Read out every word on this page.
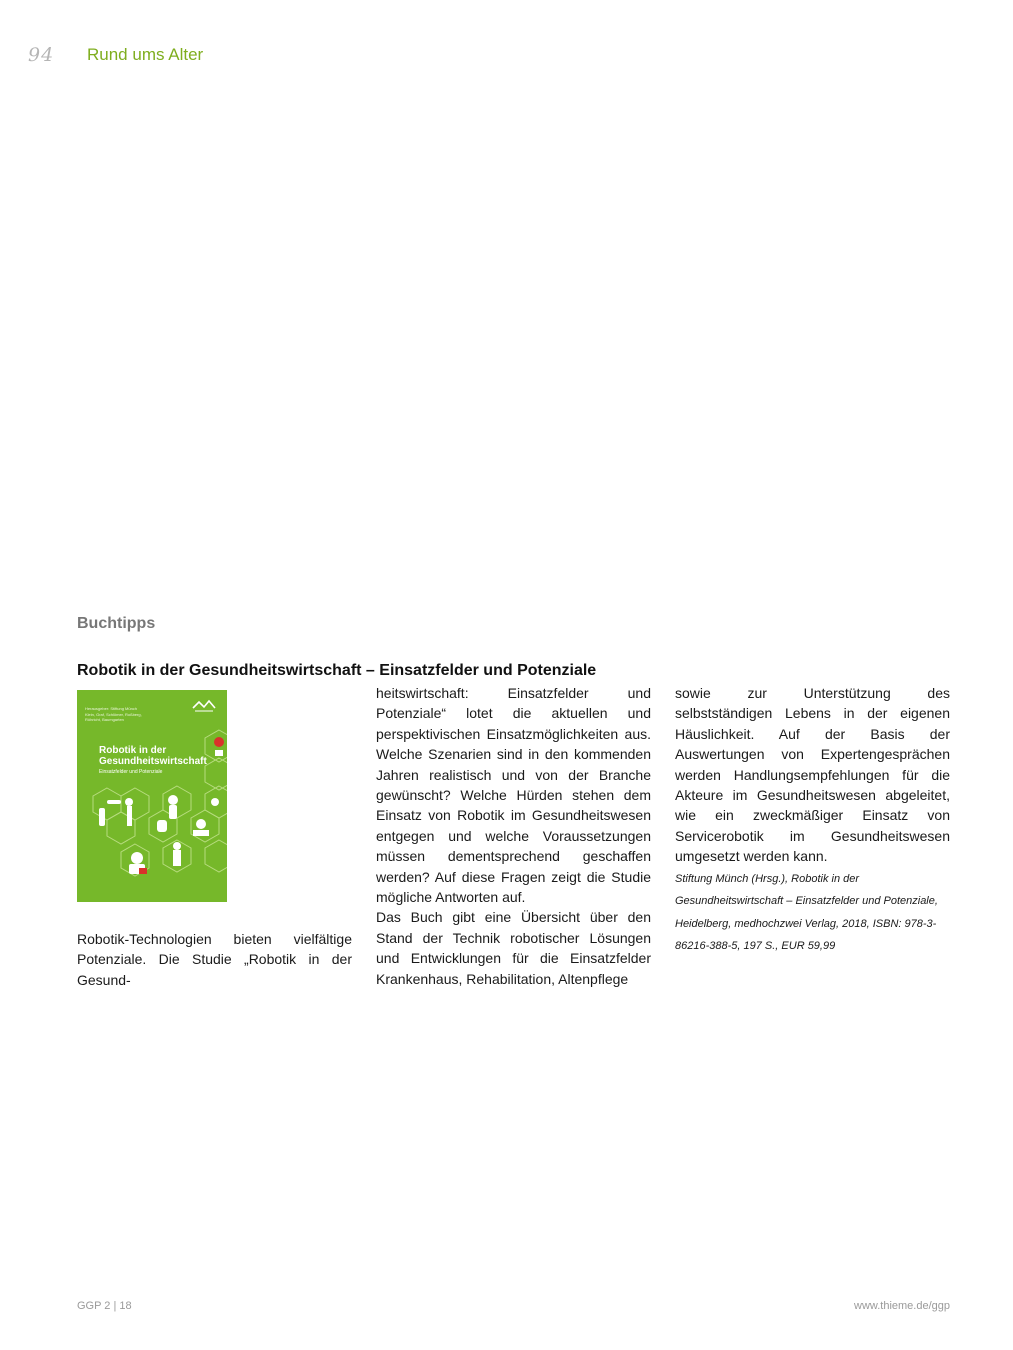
94 Rund ums Alter
Buchtipps
Robotik in der Gesundheitswirtschaft – Einsatzfelder und Potenziale
Herausgeber: Stiftung Münch
Klein, Graf, Schlömer, Roßberg,
Röhricht, Baumgarten
Robotik in der
Gesundheitswirtschaft
Einsatzfelder und Potenziale

Robotik-Technologien bieten vielfältige Potenziale. Die Studie „Robotik in der Gesund-

heitswirtschaft: Einsatzfelder und Potenziale“ lotet die aktuellen und perspektivischen Einsatzmöglichkeiten aus. Welche Szenarien sind in den kommenden Jahren realistisch und von der Branche gewünscht? Welche Hürden stehen dem Einsatz von Robotik im Gesundheitswesen entgegen und welche Voraussetzungen müssen dementsprechend geschaffen werden? Auf diese Fragen zeigt die Studie mögliche Antworten auf.

Das Buch gibt eine Übersicht über den Stand der Technik robotischer Lösungen und Entwicklungen für die Einsatzfelder Krankenhaus, Rehabilitation, Altenpflege

sowie zur Unterstützung des selbstständigen Lebens in der eigenen Häuslichkeit. Auf der Basis der Auswertungen von Expertengesprächen werden Handlungsempfehlungen für die Akteure im Gesundheitswesen abgeleitet, wie ein zweckmäßiger Einsatz von Servicerobotik im Gesundheitswesen umgesetzt werden kann.

Stiftung Münch (Hrsg.), Robotik in der Gesundheitswirtschaft – Einsatzfelder und Potenziale, Heidelberg, medhochzwei Verlag, 2018, ISBN: 978-3-86216-388-5, 197 S., EUR 59,99

GGP 2 | 18	www.thieme.de/ggp
